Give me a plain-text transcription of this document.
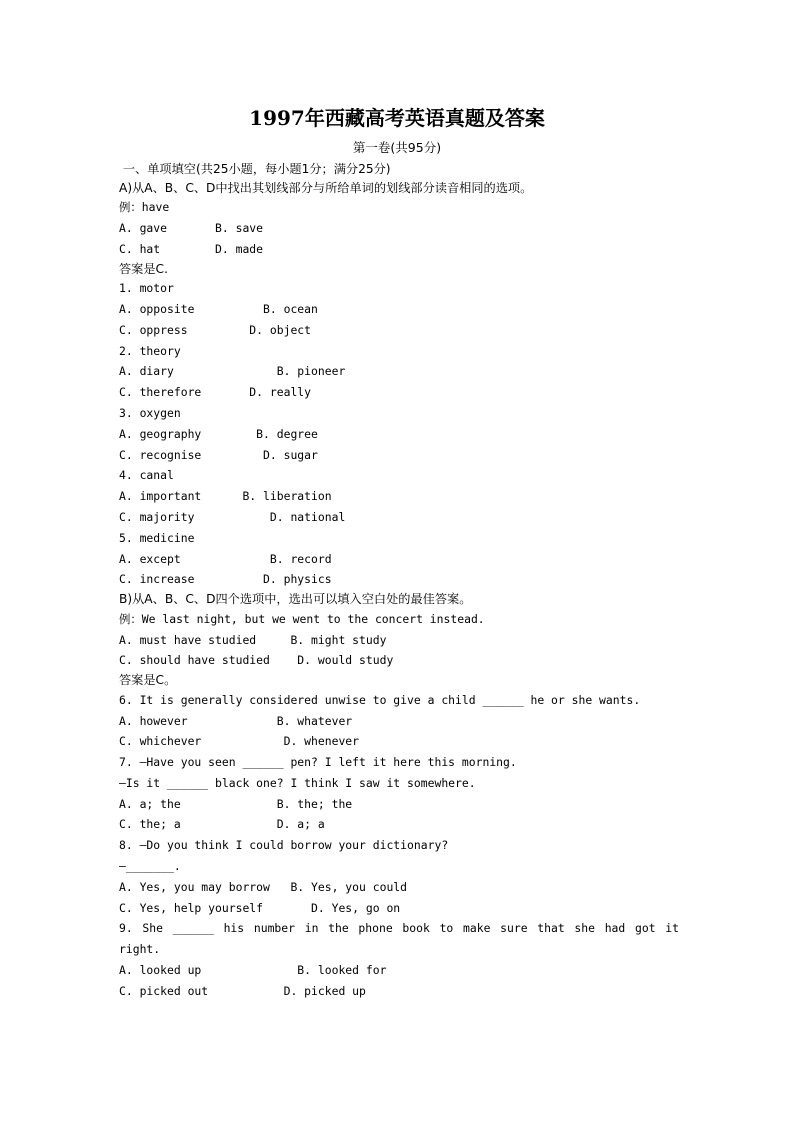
1997年西藏高考英语真题及答案
第一卷(共95分)
一、单项填空(共25小题，每小题1分；满分25分)
A)从A、B、C、D中找出其划线部分与所给单词的划线部分读音相同的选项。
例：have
A. gave       B. save
C. hat        D. made
答案是C.
1. motor
A. opposite          B. ocean
C. oppress         D. object
2. theory
A. diary               B. pioneer
C. therefore       D. really
3. oxygen
A. geography        B. degree
C. recognise         D. sugar
4. canal
A. important      B. liberation
C. majority           D. national
5. medicine
A. except             B. record
C. increase          D. physics
B)从A、B、C、D四个选项中，选出可以填入空白处的最佳答案。
例：We last night, but we went to the concert instead.
A. must have studied     B. might study
C. should have studied    D. would study
答案是C。
6. It is generally considered unwise to give a child ______ he or she wants.
A. however             B. whatever
C. whichever            D. whenever
7. —Have you seen ______ pen? I left it here this morning.
—Is it ______ black one? I think I saw it somewhere.
A. a; the              B. the; the
C. the; a              D. a; a
8. —Do you think I could borrow your dictionary?
—_______.
A. Yes, you may borrow   B. Yes, you could
C. Yes, help yourself       D. Yes, go on
9. She ______ his number in the phone book to make sure that she had got it
right.
A. looked up              B. looked for
C. picked out           D. picked up
